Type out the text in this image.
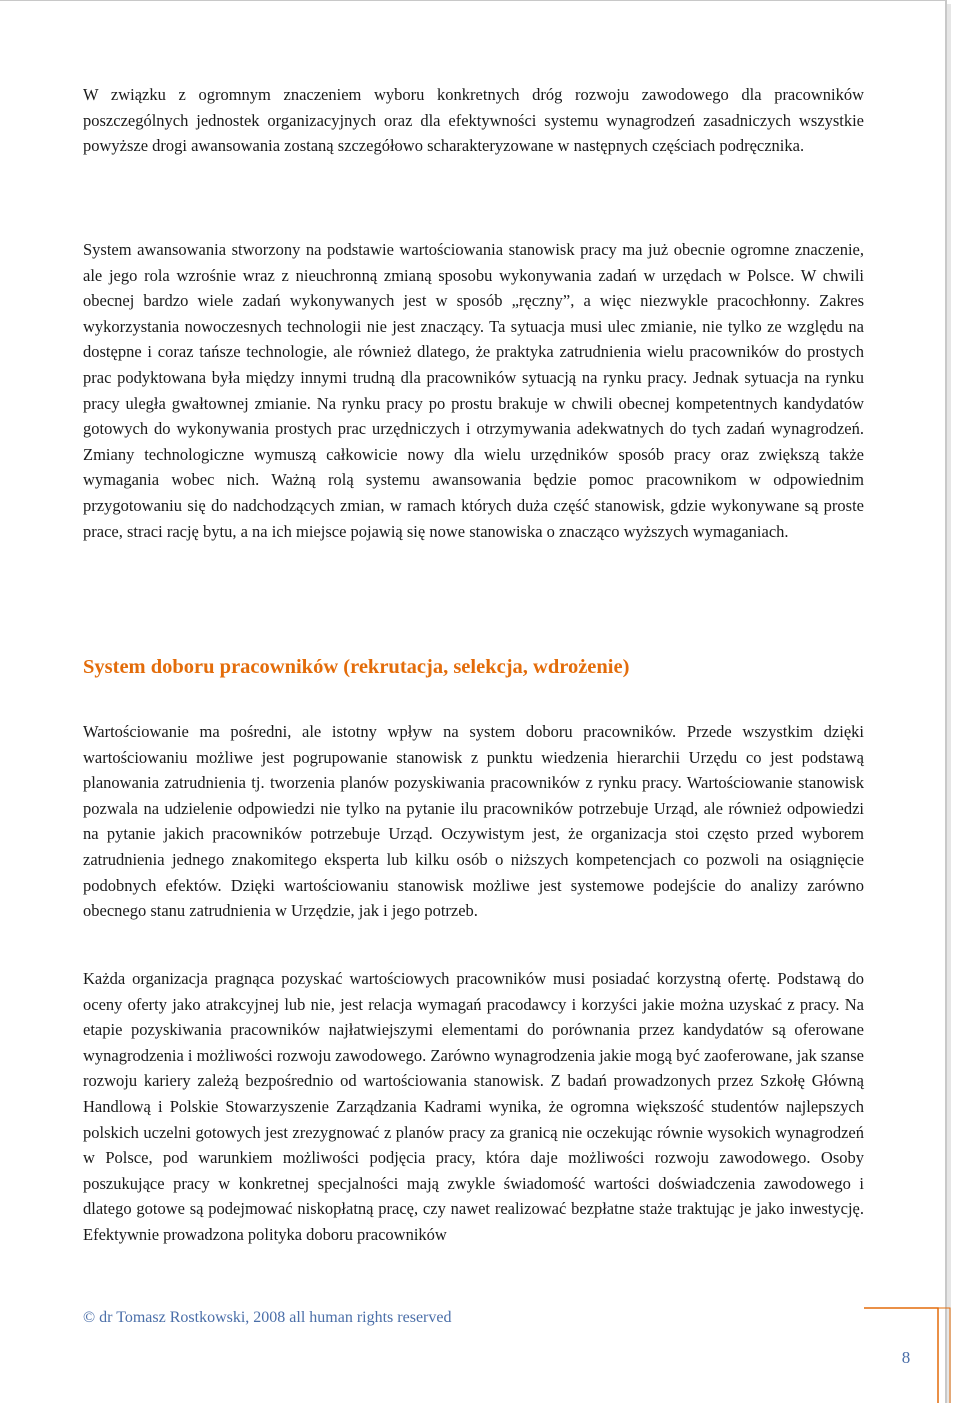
W związku z ogromnym znaczeniem wyboru konkretnych dróg rozwoju zawodowego dla pracowników poszczególnych jednostek organizacyjnych oraz dla efektywności systemu wynagrodzeń zasadniczych wszystkie powyższe drogi awansowania zostaną szczegółowo scharakteryzowane w następnych częściach podręcznika.

System awansowania stworzony na podstawie wartościowania stanowisk pracy ma już obecnie ogromne znaczenie, ale jego rola wzrośnie wraz z nieuchronną zmianą sposobu wykonywania zadań w urzędach w Polsce. W chwili obecnej bardzo wiele zadań wykonywanych jest w sposób „ręczny”, a więc niezwykle pracochłonny. Zakres wykorzystania nowoczesnych technologii nie jest znaczący. Ta sytuacja musi ulec zmianie, nie tylko ze względu na dostępne i coraz tańsze technologie, ale również dlatego, że praktyka zatrudnienia wielu pracowników do prostych prac podyktowana była między innymi trudną dla pracowników sytuacją na rynku pracy. Jednak sytuacja na rynku pracy uległa gwałtownej zmianie. Na rynku pracy po prostu brakuje w chwili obecnej kompetentnych kandydatów gotowych do wykonywania prostych prac urzędniczych i otrzymywania adekwatnych do tych zadań wynagrodzeń. Zmiany technologiczne wymuszą całkowicie nowy dla wielu urzędników sposób pracy oraz zwiększą także wymagania wobec nich. Ważną rolą systemu awansowania będzie pomoc pracownikom w odpowiednim przygotowaniu się do nadchodzących zmian, w ramach których duża część stanowisk, gdzie wykonywane są proste prace, straci rację bytu, a na ich miejsce pojawią się nowe stanowiska o znacząco wyższych wymaganiach.

System doboru pracowników (rekrutacja, selekcja, wdrożenie)

Wartościowanie ma pośredni, ale istotny wpływ na system doboru pracowników. Przede wszystkim dzięki wartościowaniu możliwe jest pogrupowanie stanowisk z punktu wiedzenia hierarchii Urzędu co jest podstawą planowania zatrudnienia tj. tworzenia planów pozyskiwania pracowników z rynku pracy. Wartościowanie stanowisk pozwala na udzielenie odpowiedzi nie tylko na pytanie ilu pracowników potrzebuje Urząd, ale również odpowiedzi na pytanie jakich pracowników potrzebuje Urząd. Oczywistym jest, że organizacja stoi często przed wyborem zatrudnienia jednego znakomitego eksperta lub kilku osób o niższych kompetencjach co pozwoli na osiągnięcie podobnych efektów. Dzięki wartościowaniu stanowisk możliwe jest systemowe podejście do analizy zarówno obecnego stanu zatrudnienia w Urzędzie, jak i jego potrzeb.

Każda organizacja pragnąca pozyskać wartościowych pracowników musi posiadać korzystną ofertę. Podstawą do oceny oferty jako atrakcyjnej lub nie, jest relacja wymagań pracodawcy i korzyści jakie można uzyskać z pracy. Na etapie pozyskiwania pracowników najłatwiejszymi elementami do porównania przez kandydatów są oferowane wynagrodzenia i możliwości rozwoju zawodowego. Zarówno wynagrodzenia jakie mogą być zaoferowane, jak szanse rozwoju kariery zależą bezpośrednio od wartościowania stanowisk. Z badań prowadzonych przez Szkołę Główną Handlową i Polskie Stowarzyszenie Zarządzania Kadrami wynika, że ogromna większość studentów najlepszych polskich uczelni gotowych jest zrezygnować z planów pracy za granicą nie oczekując równie wysokich wynagrodzeń w Polsce, pod warunkiem możliwości podjęcia pracy, która daje możliwości rozwoju zawodowego. Osoby poszukujące pracy w konkretnej specjalności mają zwykle świadomość wartości doświadczenia zawodowego i dlatego gotowe są podejmować niskopłatną pracę, czy nawet realizować bezpłatne staże traktując je jako inwestycję. Efektywnie prowadzona polityka doboru pracowników

© dr Tomasz Rostkowski, 2008 all human rights reserved
8
